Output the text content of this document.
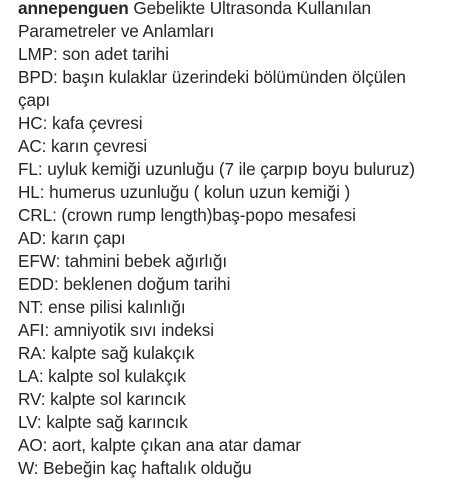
annepenguen Gebelikte Ultrasonda Kullanılan
Parametreler ve Anlamları
LMP: son adet tarihi
BPD: başın kulaklar üzerindeki bölümünden ölçülen
çapı
HC: kafa çevresi
AC: karın çevresi
FL: uyluk kemiği uzunluğu (7 ile çarpıp boyu buluruz)
HL: humerus uzunluğu ( kolun uzun kemiği )
CRL: (crown rump length)baş-popo mesafesi
AD: karın çapı
EFW: tahmini bebek ağırlığı
EDD: beklenen doğum tarihi
NT: ense pilisi kalınlığı
AFI: amniyotik sıvı indeksi
RA: kalpte sağ kulakçık
LA: kalpte sol kulakçık
RV: kalpte sol karıncık
LV: kalpte sağ karıncık
AO: aort, kalpte çıkan ana atar damar
W: Bebeğin kaç haftalık olduğu
